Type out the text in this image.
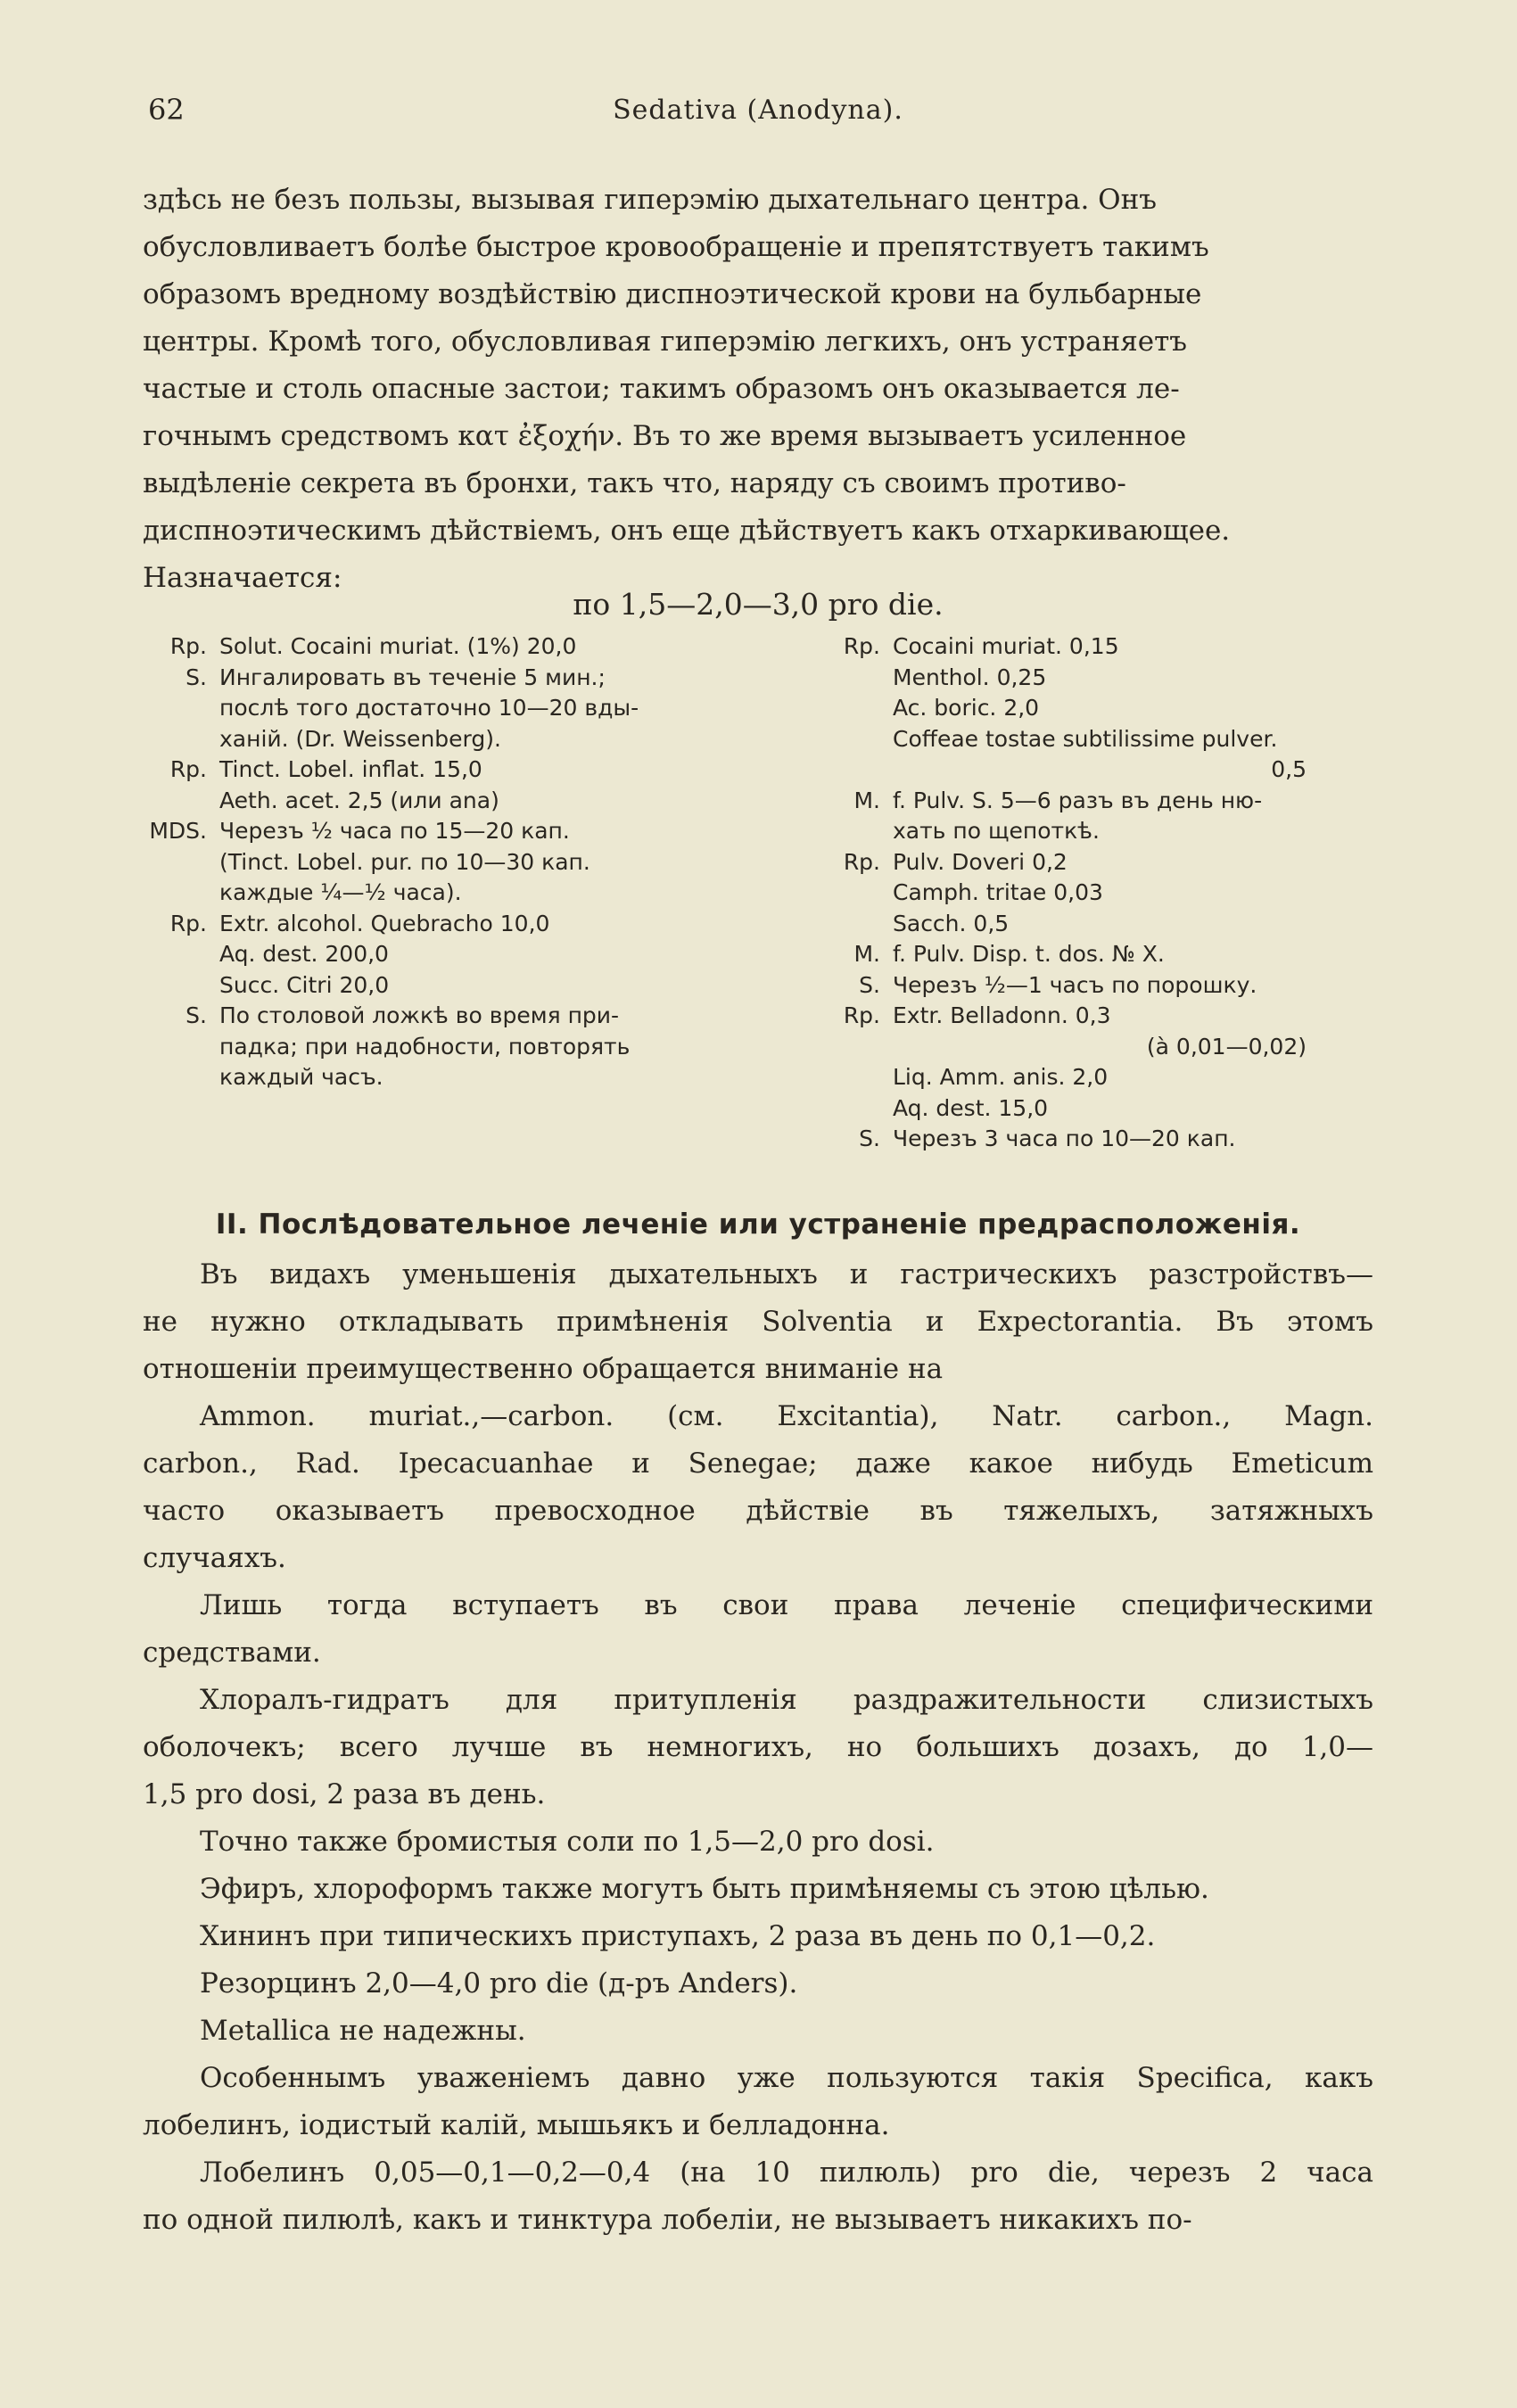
62	Sedativa (Anodyna).
здѣсь не безъ пользы, вызывая гиперэмію дыхательнаго центра. Онъ
обусловливаетъ болѣе быстрое кровообращеніе и препятствуетъ такимъ
образомъ вредному воздѣйствію диспноэтической крови на бульбарные
центры. Кромѣ того, обусловливая гиперэмію легкихъ, онъ устраняетъ
частые и столь опасные застои; такимъ образомъ онъ оказывается ле-
гочнымъ средствомъ κατ ἐξοχήν. Въ то же время вызываетъ усиленное
выдѣленіе секрета въ бронхи, такъ что, наряду съ своимъ противо-
диспноэтическимъ дѣйствіемъ, онъ еще дѣйствуетъ какъ отхаркивающее.
Назначается:
по 1,5—2,0—3,0 pro die.
Rp. Solut. Cocaini muriat. (1%) 20,0
S. Ингалировать въ теченіе 5 мин.;
послѣ того достаточно 10—20 вды-
ханій. (Dr. Weissenberg).
Rp. Tinct. Lobel. inflat. 15,0
Aeth. acet. 2,5 (или ana)
MDS. Черезъ ½ часа по 15—20 кап.
(Tinct. Lobel. pur. по 10—30 кап.
каждые ¼—½ часа).
Rp. Extr. alcohol. Quebracho 10,0
Aq. dest. 200,0
Succ. Citri 20,0
S. По столовой ложкѣ во время при-
падка; при надобности, повторять
каждый часъ.
Rp. Cocaini muriat. 0,15
Menthol. 0,25
Ac. boric. 2,0
Coffeae tostae subtilissime pulver.
0,5
M. f. Pulv. S. 5—6 разъ въ день ню-
хать по щепоткѣ.
Rp. Pulv. Doveri 0,2
Camph. tritae 0,03
Sacch. 0,5
M. f. Pulv. Disp. t. dos. № X.
S. Черезъ ½—1 часъ по порошку.
Rp. Extr. Belladonn. 0,3
(à 0,01—0,02)
Liq. Amm. anis. 2,0
Aq. dest. 15,0
S. Черезъ 3 часа по 10—20 кап.
II. Послѣдовательное леченіе или устраненіе предрасположенія.
Въ видахъ уменьшенія дыхательныхъ и гастрическихъ разстройствъ—
не нужно откладывать примѣненія Solventia и Expectorantia. Въ этомъ
отношеніи преимущественно обращается вниманіе на
Ammon. muriat.,—carbon. (см. Excitantia), Natr. carbon., Magn.
carbon., Rad. Ipecacuanhae и Senegae; даже какое нибудь Emeticum
часто оказываетъ превосходное дѣйствіе въ тяжелыхъ, затяжныхъ
случаяхъ.
Лишь тогда вступаетъ въ свои права леченіе специфическими
средствами.
Хлоралъ-гидратъ для притупленія раздражительности слизистыхъ
оболочекъ; всего лучше въ немногихъ, но большихъ дозахъ, до 1,0—
1,5 pro dosi, 2 раза въ день.
Точно также бромистыя соли по 1,5—2,0 pro dosi.
Эфиръ, хлороформъ также могутъ быть примѣняемы съ этою цѣлью.
Хининъ при типическихъ приступахъ, 2 раза въ день по 0,1—0,2.
Резорцинъ 2,0—4,0 pro die (д-ръ Anders).
Metallica не надежны.
Особеннымъ уваженіемъ давно уже пользуются такія Specifica, какъ
лобелинъ, іодистый калій, мышьякъ и белладонна.
Лобелинъ 0,05—0,1—0,2—0,4 (на 10 пилюль) pro die, черезъ 2 часа
по одной пилюлѣ, какъ и тинктура лобеліи, не вызываетъ никакихъ по-
